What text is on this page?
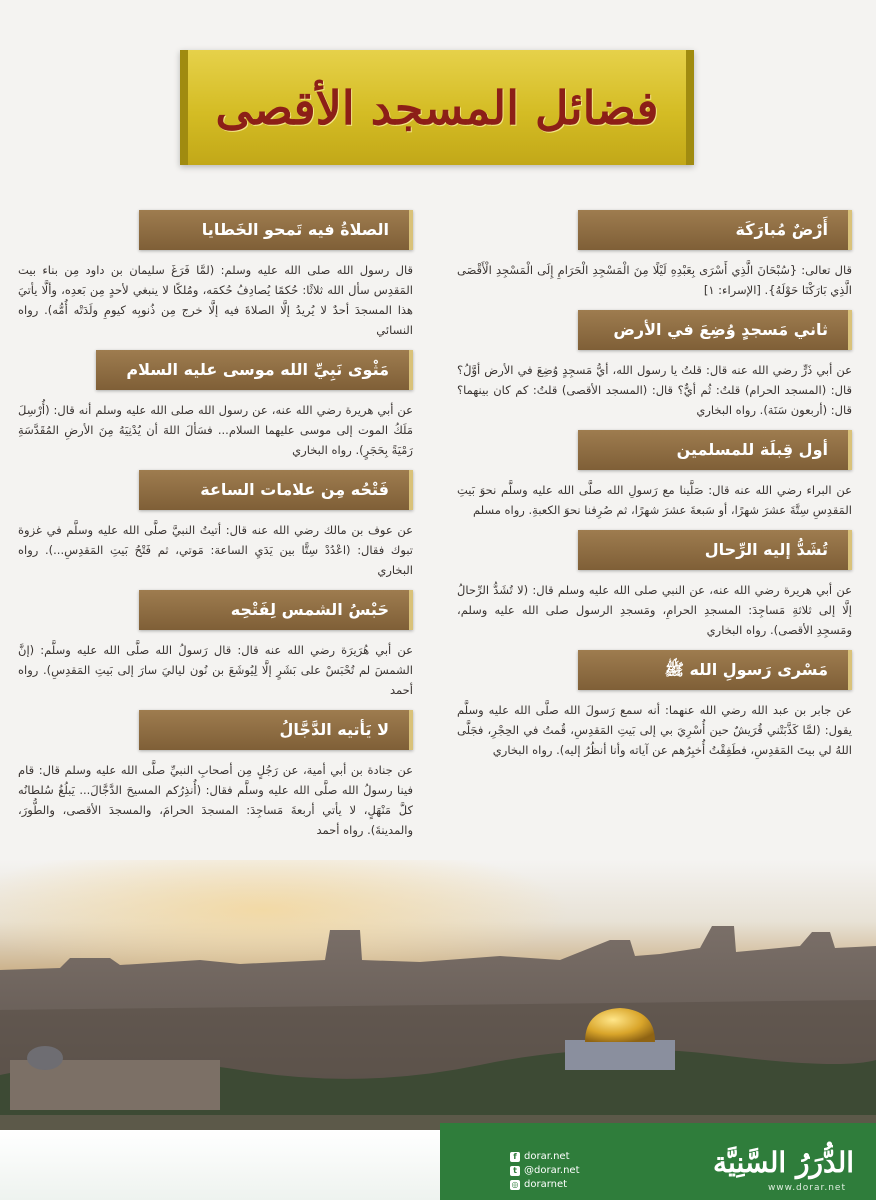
فضائل المسجد الأقصى
أَرْضٌ مُبارَكَة
قال تعالى: {سُبْحَانَ الَّذِي أَسْرَى بِعَبْدِهِ لَيْلًا مِنَ الْمَسْجِدِ الْحَرَامِ إِلَى الْمَسْجِدِ الْأَقْصَى الَّذِي بَارَكْنَا حَوْلَهُ}. [الإسراء: ١]
ثاني مَسجدٍ وُضِعَ في الأرض
عن أبي ذَرٍّ رضي الله عنه قال: قلتُ يا رسول الله، أيُّ مَسجِدٍ وُضِعَ في الأرض أوَّلُ؟ قال: (المسجد الحرام) قلتُ: ثُم أيٌّ؟ قال: (المسجد الأقصى) قلتُ: كم كان بينهما؟ قال: (أربعون سَنَة). رواه البخاري
أول قِبلَة للمسلمين
عن البراء رضي الله عنه قال: صَلَّينا مع رَسولِ الله صلَّى الله عليه وسلَّم نحوَ بَيتِ المَقدِسِ سِتَّةَ عشرَ شهرًا، أو سَبعةَ عشرَ شهرًا، ثم صُرِفنا نحوَ الكعبةِ. رواه مسلم
تُشَدُّ إليه الرِّحال
عن أبي هريرة رضي الله عنه، عن النبي صلى الله عليه وسلم قال: (لا تُشَدُّ الرِّحالُ إلَّا إلى ثلاثةِ مَساجِدَ: المسجدِ الحرامِ، ومَسجدِ الرسول صلى الله عليه وسلم، ومَسجِدِ الأقصى). رواه البخاري
مَسْرى رَسولِ الله ﷺ
عن جابر بن عبد الله رضي الله عنهما: أنه سمع رَسولَ الله صلَّى الله عليه وسلَّم يقول: (لمَّا كَذَّبَتْني قُرَيشٌ حين أُسْرِيَ بي إلى بَيتِ المَقدِسِ، قُمتُ في الحِجْرِ، فجَلَّى اللهُ لي بيتَ المَقدِسِ، فطَفِقْتُ أُخبِرُهم عن آياته وأنا أنظُرُ إليه). رواه البخاري
الصلاةُ فيه تَمحو الخَطايا
قال رسول الله صلى الله عليه وسلم: (لمَّا فَرَغَ سليمان بن داود مِن بناء بيت المَقدِس سأل الله ثلاثًا: حُكمًا يُصادِفُ حُكمَه، ومُلكًا لا ينبغي لأحدٍ مِن بَعدِه، وألَّا يأتيَ هذا المسجدَ أحدٌ لا يُريدُ إلَّا الصلاةَ فيه إلَّا خرج مِن ذُنوبِه كيومِ ولَدَتْه أُمُّه). رواه النسائي
مَثْوى نَبِيِّ الله موسى عليه السلام
عن أبي هريرة رضي الله عنه، عن رسول الله صلى الله عليه وسلم أنه قال: (أُرْسِلَ مَلَكُ الموت إلى موسى عليهما السلام... فسَألَ اللهَ أن يُدْنِيَهُ مِنَ الأرضِ المُقَدَّسَةِ رَمْيَةً بِحَجَرٍ). رواه البخاري
فَتْحُه مِن علامات الساعة
عن عوف بن مالك رضي الله عنه قال: أتيتُ النبيَّ صلَّى الله عليه وسلَّم في غزوة تبوك فقال: (اعْدُدْ سِتًّا بين يَدَيِ الساعة: مَوتي، ثم فَتْحُ بَيتِ المَقدِسِ...). رواه البخاري
حَبْسُ الشمس لِفَتْحِه
عن أبي هُرَيرَة رضي الله عنه قال: قال رَسولُ الله صلَّى الله عليه وسلَّم: (إنَّ الشمسَ لم تُحْبَسْ على بَشَرٍ إلَّا لِيُوشَعَ بن نُون لياليَ سارَ إلى بَيتِ المَقدِسِ). رواه أحمد
لا يَأتيه الدَّجَّالُ
عن جنادة بن أبي أمية، عن رَجُلٍ مِن أصحابِ النبيِّ صلَّى الله عليه وسلم قال: قام فينا رسولُ الله صلَّى الله عليه وسلَّم فقال: (أُنذِرُكم المسيحَ الدَّجَّالَ... يَبلُغُ سُلطانُه كلَّ مَنْهَلٍ، لا يأتي أربعةَ مَساجِدَ: المسجدَ الحرامَ، والمسجدَ الأقصى، والطُّورَ، والمدينةَ). رواه أحمد
الدُّرَرُ السَّنِيَّة
www.dorar.net
f dorar.net
t @dorar.net
◎ dorarnet
